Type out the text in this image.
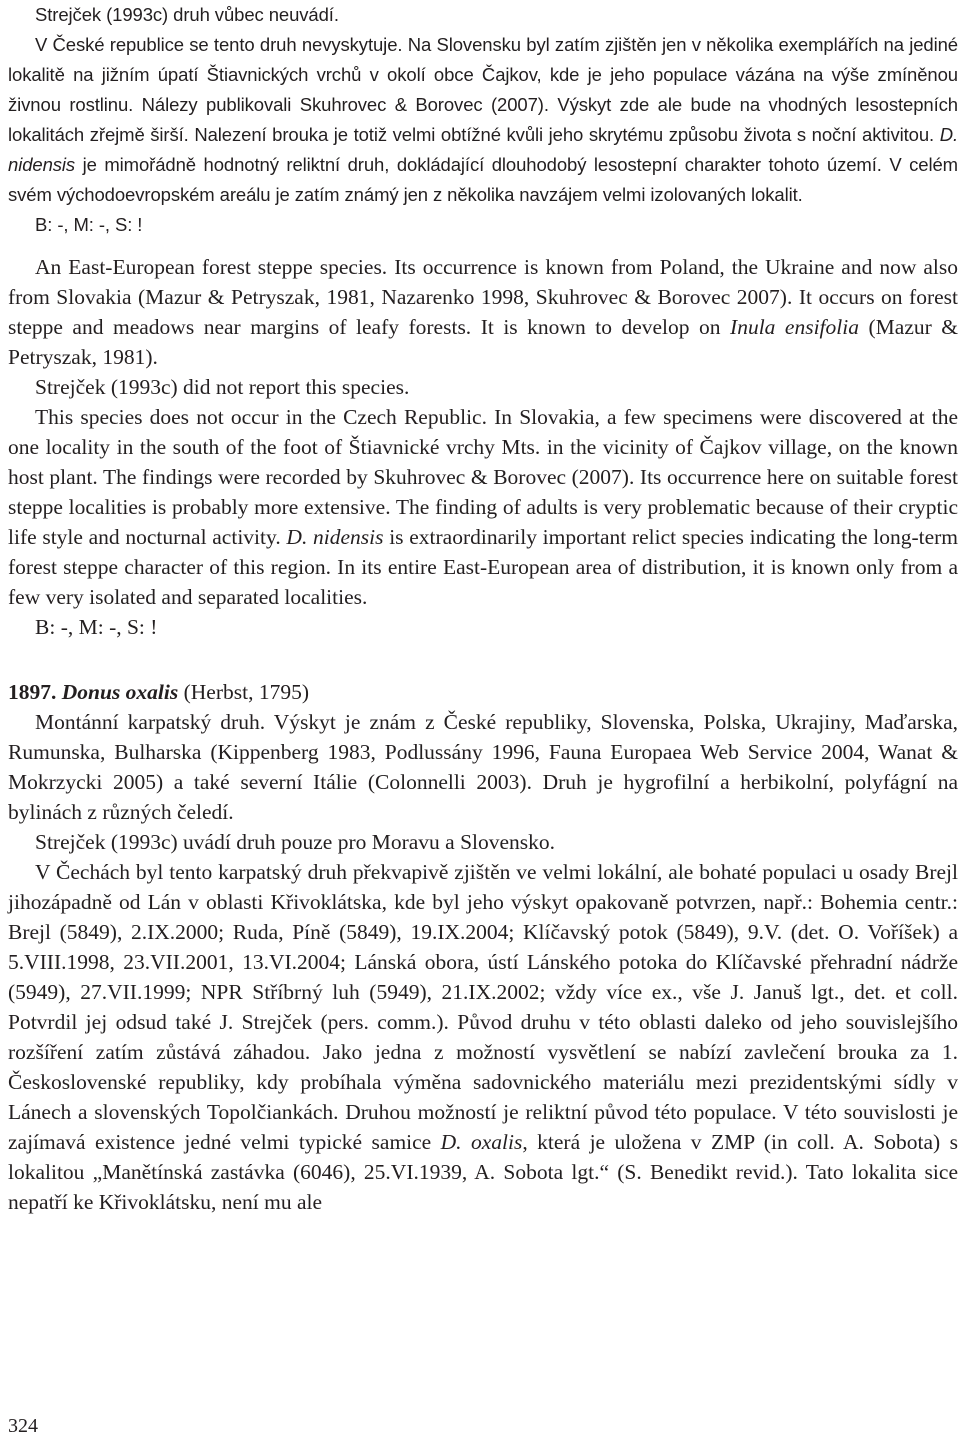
Strejček (1993c) druh vůbec neuvádí.

V České republice se tento druh nevyskytuje. Na Slovensku byl zatím zjištěn jen v několika exemplářích na jediné lokalitě na jižním úpatí Štiavnických vrchů v okolí obce Čajkov, kde je jeho populace vázána na výše zmíněnou živnou rostlinu. Nálezy publikovali Skuhrovec & Borovec (2007). Výskyt zde ale bude na vhodných lesostepních lokalitách zřejmě širší. Nalezení brouka je totiž velmi obtížné kvůli jeho skrytému způsobu života s noční aktivitou. D. nidensis je mimořádně hodnotný reliktní druh, dokládající dlouhodobý lesostepní charakter tohoto území. V celém svém východoevropském areálu je zatím známý jen z několika navzájem velmi izolovaných lokalit.

B: -, M: -, S: !

An East-European forest steppe species. Its occurrence is known from Poland, the Ukraine and now also from Slovakia (Mazur & Petryszak, 1981, Nazarenko 1998, Skuhrovec & Borovec 2007). It occurs on forest steppe and meadows near margins of leafy forests. It is known to develop on Inula ensifolia (Mazur & Petryszak, 1981).

Strejček (1993c) did not report this species.

This species does not occur in the Czech Republic. In Slovakia, a few specimens were discovered at the one locality in the south of the foot of Štiavnické vrchy Mts. in the vicinity of Čajkov village, on the known host plant. The findings were recorded by Skuhrovec & Borovec (2007). Its occurrence here on suitable forest steppe localities is probably more extensive. The finding of adults is very problematic because of their cryptic life style and nocturnal activity. D. nidensis is extraordinarily important relict species indicating the long-term forest steppe character of this region. In its entire East-European area of distribution, it is known only from a few very isolated and separated localities.

B: -, M: -, S: !

1897. Donus oxalis (Herbst, 1795)

Montánní karpatský druh. Výskyt je znám z České republiky, Slovenska, Polska, Ukrajiny, Maďarska, Rumunska, Bulharska (Kippenberg 1983, Podlussány 1996, Fauna Europaea Web Service 2004, Wanat & Mokrzycki 2005) a také severní Itálie (Colonnelli 2003). Druh je hygrofilní a herbikolní, polyfágní na bylinách z různých čeledí.

Strejček (1993c) uvádí druh pouze pro Moravu a Slovensko.

V Čechách byl tento karpatský druh překvapivě zjištěn ve velmi lokální, ale bohaté populaci u osady Brejl jihozápadně od Lán v oblasti Křivoklátska, kde byl jeho výskyt opakovaně potvrzen, např.: Bohemia centr.: Brejl (5849), 2.IX.2000; Ruda, Píně (5849), 19.IX.2004; Klíčavský potok (5849), 9.V. (det. O. Voříšek) a 5.VIII.1998, 23.VII.2001, 13.VI.2004; Lánská obora, ústí Lánského potoka do Klíčavské přehradní nádrže (5949), 27.VII.1999; NPR Stříbrný luh (5949), 21.IX.2002; vždy více ex., vše J. Januš lgt., det. et coll. Potvrdil jej odsud také J. Strejček (pers. comm.). Původ druhu v této oblasti daleko od jeho souvislejšího rozšíření zatím zůstává záhadou. Jako jedna z možností vysvětlení se nabízí zavlečení brouka za 1. Československé republiky, kdy probíhala výměna sadovnického materiálu mezi prezidentskými sídly v Lánech a slovenských Topolčiankách. Druhou možností je reliktní původ této populace. V této souvislosti je zajímavá existence jedné velmi typické samice D. oxalis, která je uložena v ZMP (in coll. A. Sobota) s lokalitou „Manětínská zastávka (6046), 25.VI.1939, A. Sobota lgt.“ (S. Benedikt revid.). Tato lokalita sice nepatří ke Křivoklátsku, není mu ale

324
